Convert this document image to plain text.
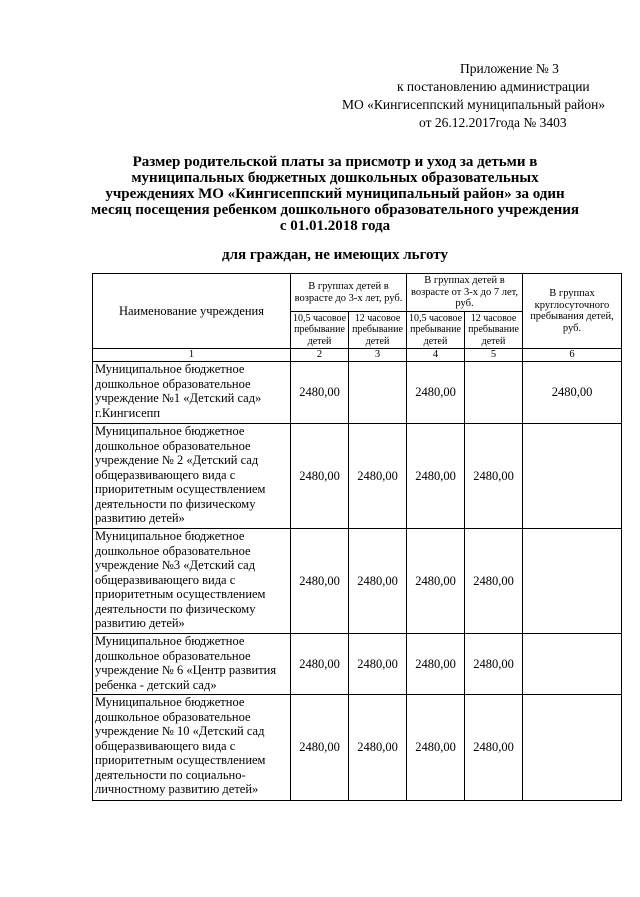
Приложение № 3
к постановлению администрации
МО «Кингисеппский муниципальный район»
от 26.12.2017года № 3403
Размер родительской платы за присмотр и уход за детьми в
муниципальных бюджетных дошкольных образовательных
учреждениях МО «Кингисеппский муниципальный район» за один
месяц посещения ребенком дошкольного образовательного учреждения
с 01.01.2018 года
для граждан, не имеющих льготу
Наименование учреждения	В группах детей в возрасте до 3-х лет, руб.		В группах детей в возрасте от 3-х до 7 лет, руб.		В группах круглосуточного пребывания детей, руб.
	10,5 часовое пребывание детей	12 часовое пребывание детей	10,5 часовое пребывание детей	12 часовое пребывание детей	
1	2	3	4	5	6
Муниципальное бюджетное дошкольное образовательное учреждение №1 «Детский сад» г.Кингисепп	2480,00		2480,00		2480,00
Муниципальное бюджетное дошкольное образовательное учреждение № 2 «Детский сад общеразвивающего вида с приоритетным осуществлением деятельности по физическому развитию детей»	2480,00	2480,00	2480,00	2480,00	
Муниципальное бюджетное дошкольное образовательное учреждение №3 «Детский сад общеразвивающего вида с приоритетным осуществлением деятельности по физическому развитию детей»	2480,00	2480,00	2480,00	2480,00	
Муниципальное бюджетное дошкольное образовательное учреждение № 6 «Центр развития ребенка - детский сад»	2480,00	2480,00	2480,00	2480,00	
Муниципальное бюджетное дошкольное образовательное учреждение № 10 «Детский сад общеразвивающего вида с приоритетным осуществлением деятельности по социально-личностному развитию детей»	2480,00	2480,00	2480,00	2480,00	
